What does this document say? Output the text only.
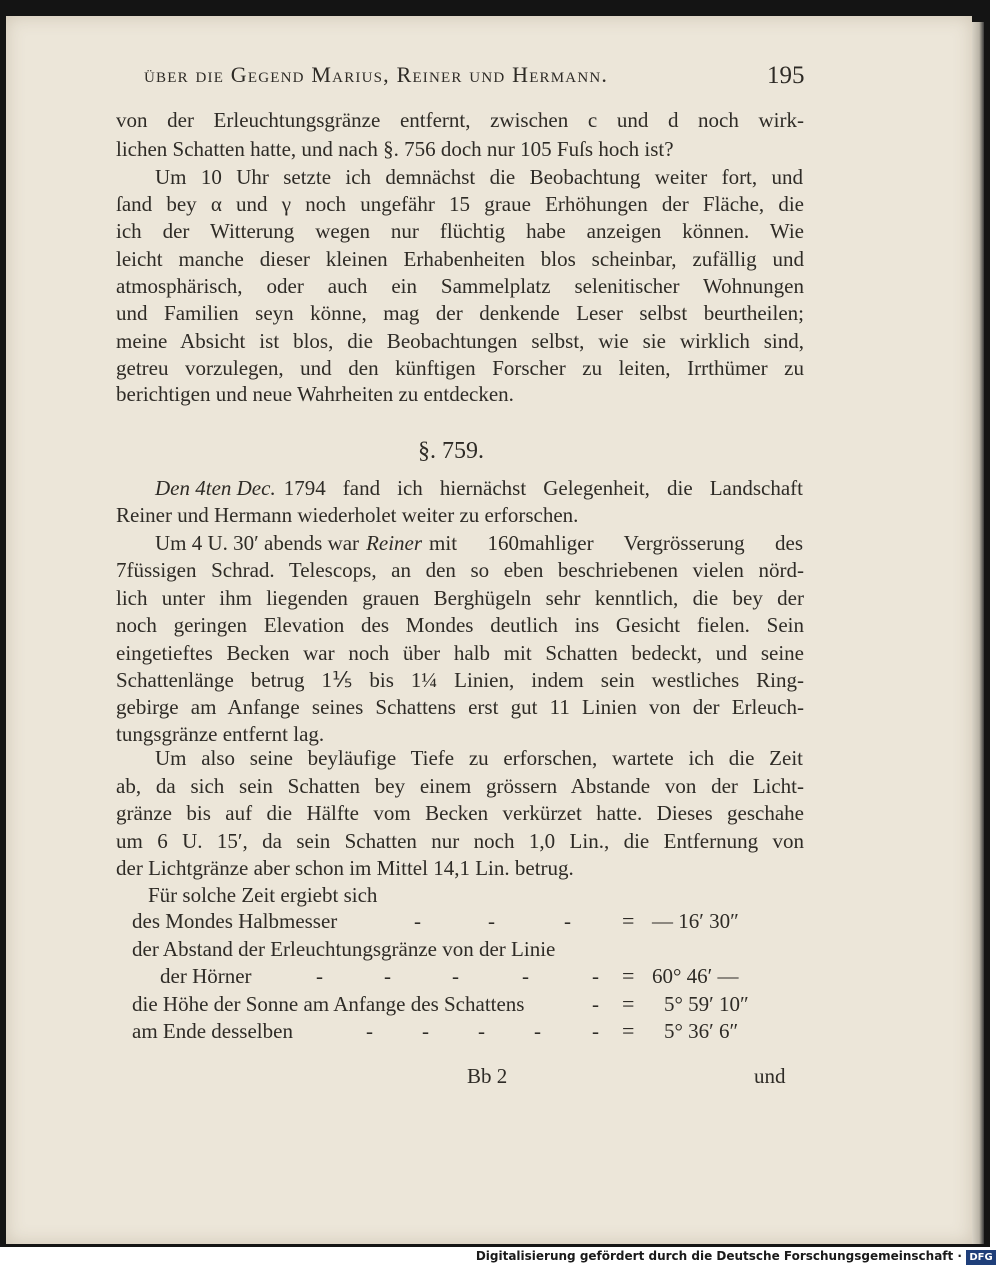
über die Gegend Marius, Reiner und Hermann.	195
von der Erleuchtungsgränze entfernt, zwischen c und d noch wirk-
lichen Schatten hatte, und nach §. 756 doch nur 105 Fuſs hoch ist?
Um 10 Uhr setzte ich demnächst die Beobachtung weiter fort, und
ſand bey α und γ noch ungefähr 15 graue Erhöhungen der Fläche, die
ich der Witterung wegen nur flüchtig habe anzeigen können. Wie
leicht manche dieser kleinen Erhabenheiten blos scheinbar, zufällig und
atmosphärisch, oder auch ein Sammelplatz selenitischer Wohnungen
und Familien seyn könne, mag der denkende Leser selbst beurtheilen;
meine Absicht ist blos, die Beobachtungen selbst, wie sie wirklich sind,
getreu vorzulegen, und den künftigen Forscher zu leiten, Irrthümer zu
berichtigen und neue Wahrheiten zu entdecken.
§. 759.
Den 4ten Dec. 1794 fand ich hiernächst Gelegenheit, die Landschaft
Reiner und Hermann wiederholet weiter zu erforschen.
Um 4 U. 30′ abends war Reiner mit 160mahliger Vergrösserung des
7füssigen Schrad. Telescops, an den so eben beschriebenen vielen nörd-
lich unter ihm liegenden grauen Berghügeln sehr kenntlich, die bey der
noch geringen Elevation des Mondes deutlich ins Gesicht fielen. Sein
eingetieftes Becken war noch über halb mit Schatten bedeckt, und seine
Schattenlänge betrug 1⅕ bis 1¼ Linien, indem sein westliches Ring-
gebirge am Anfange seines Schattens erst gut 11 Linien von der Erleuch-
tungsgränze entfernt lag.
Um also seine beyläufige Tiefe zu erforschen, wartete ich die Zeit
ab, da sich sein Schatten bey einem grössern Abstande von der Licht-
gränze bis auf die Hälfte vom Becken verkürzet hatte. Dieses geschahe
um 6 U. 15′, da sein Schatten nur noch 1,0 Lin., die Entfernung von
der Lichtgränze aber schon im Mittel 14,1 Lin. betrug.
Für solche Zeit ergiebt sich
des Mondes Halbmesser	-	-	- = — 16′ 30″
der Abstand der Erleuchtungsgränze von der Linie
der Hörner	-	-	-	-	- = 60° 46′ —
die Höhe der Sonne am Anfange des Schattens	- = 5° 59′ 10″
am Ende desselben	- - - - - = 5° 36′ 6″
Bb 2	und
Digitalisierung gefördert durch die Deutsche Forschungsgemeinschaft · DFG
